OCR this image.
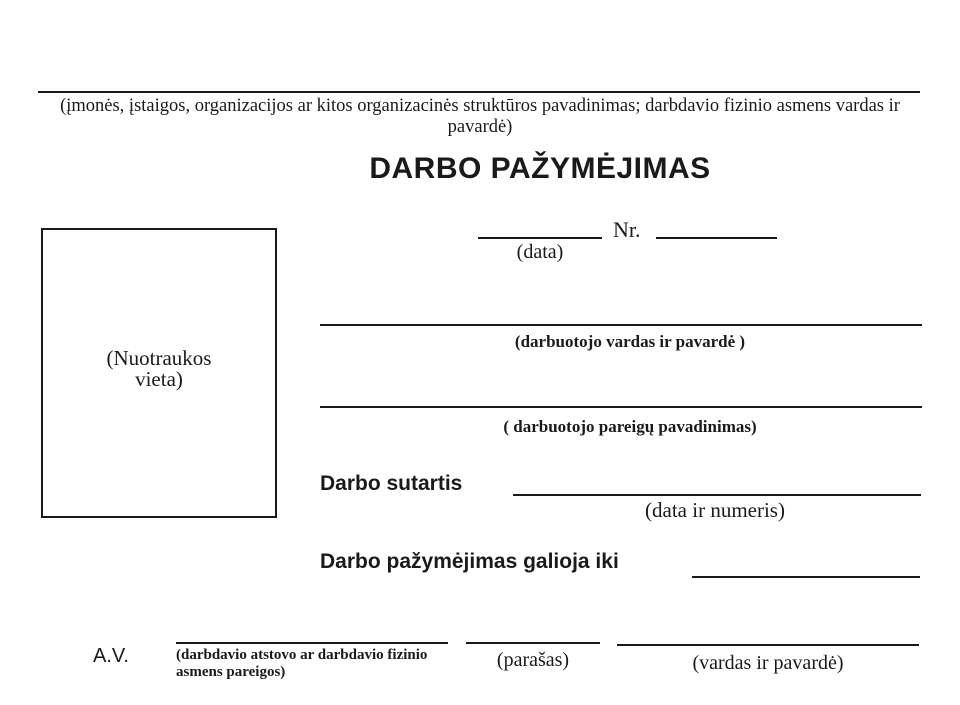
(įmonės, įstaigos, organizacijos ar kitos organizacinės struktūros pavadinimas; darbdavio fizinio asmens vardas ir pavardė)
DARBO PAŽYMĖJIMAS
(Nuotraukos vieta)
(data)
Nr.
(darbuotojo vardas ir pavardė )
( darbuotojo pareigų pavadinimas)
Darbo sutartis
(data ir numeris)
Darbo pažymėjimas galioja iki
A.V.	(darbdavio atstovo ar darbdavio fizinio asmens pareigos)
(parašas)	(vardas ir pavardė)
